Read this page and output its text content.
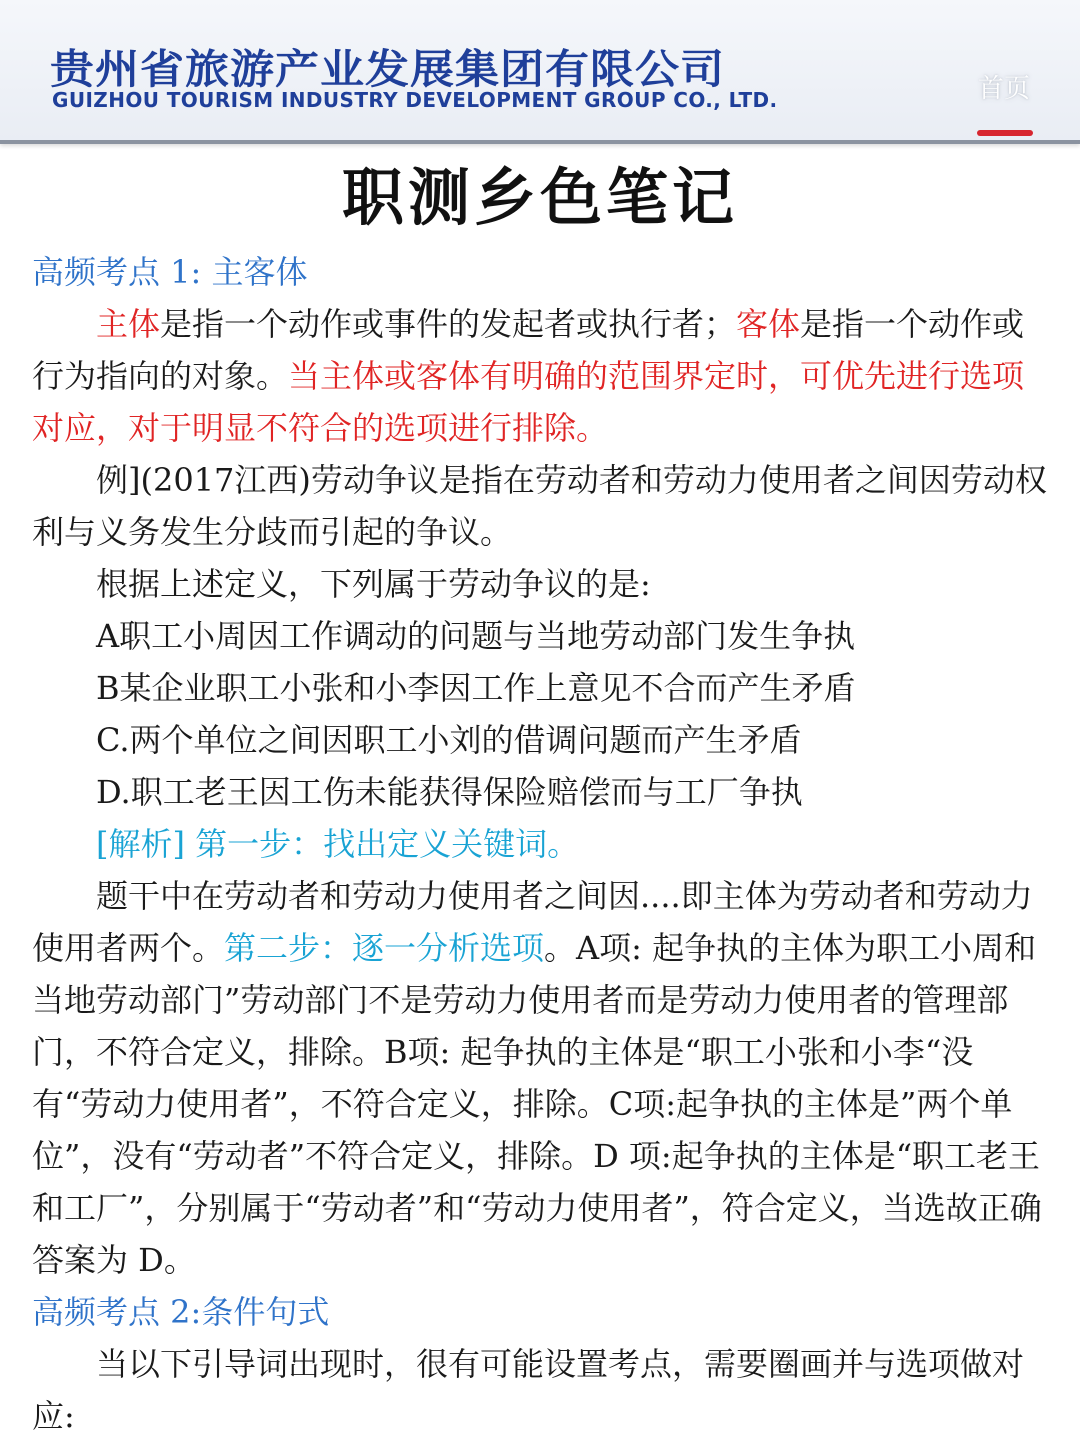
贵州省旅游产业发展集团有限公司
GUIZHOU TOURISM INDUSTRY DEVELOPMENT GROUP CO., LTD.	首页
职测乡色笔记

高频考点 1: 主客体

主体是指一个动作或事件的发起者或执行者；客体是指一个动作或行为指向的对象。当主体或客体有明确的范围界定时，可优先进行选项对应，对于明显不符合的选项进行排除。

例](2017江西)劳动争议是指在劳动者和劳动力使用者之间因劳动权利与义务发生分歧而引起的争议。

根据上述定义，下列属于劳动争议的是:

A职工小周因工作调动的问题与当地劳动部门发生争执

B某企业职工小张和小李因工作上意见不合而产生矛盾

C.两个单位之间因职工小刘的借调问题而产生矛盾

D.职工老王因工伤未能获得保险赔偿而与工厂争执

[解析] 第一步：找出定义关键词。

题干中在劳动者和劳动力使用者之间因....即主体为劳动者和劳动力使用者两个。第二步：逐一分析选项。A项: 起争执的主体为职工小周和当地劳动部门”劳动部门不是劳动力使用者而是劳动力使用者的管理部门，不符合定义，排除。B项: 起争执的主体是“职工小张和小李“没有“劳动力使用者”，不符合定义，排除。C项:起争执的主体是”两个单位”，没有“劳动者”不符合定义，排除。D 项:起争执的主体是“职工老王和工厂”，分别属于“劳动者”和“劳动力使用者”，符合定义，当选故正确答案为 D。

高频考点 2:条件句式

当以下引导词出现时，很有可能设置考点，需要圈画并与选项做对应:
